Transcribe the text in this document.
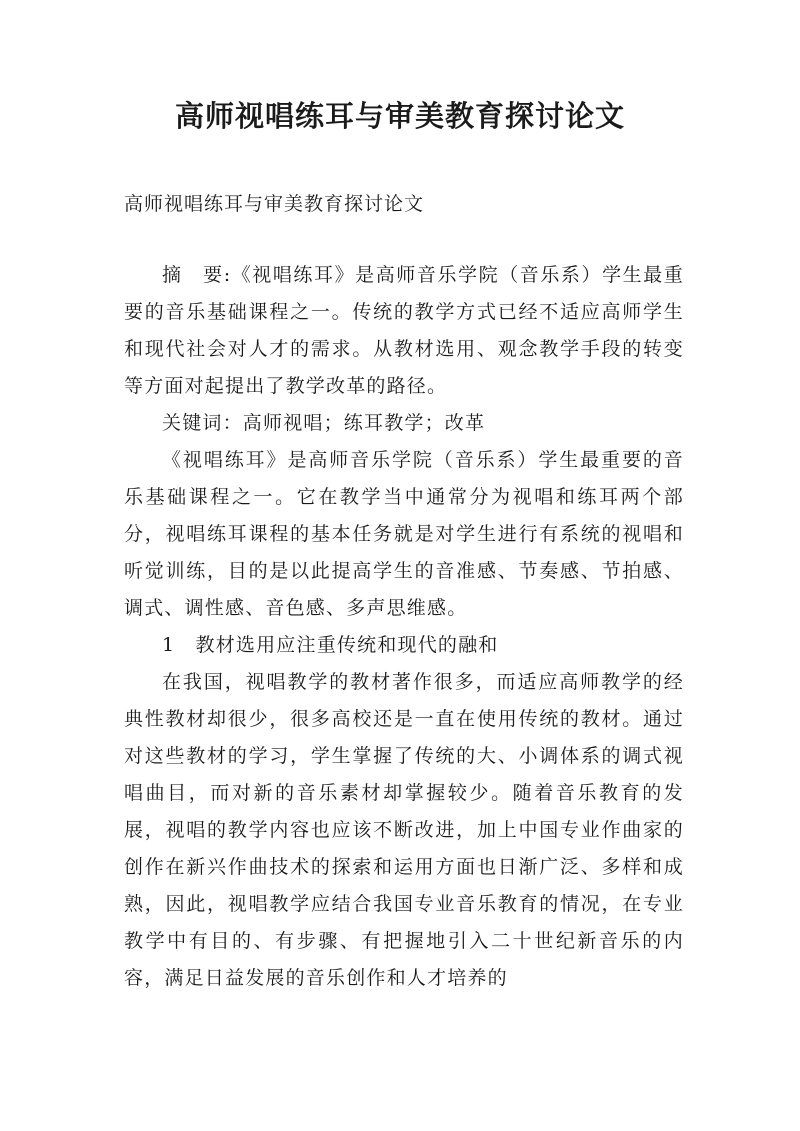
高师视唱练耳与审美教育探讨论文
高师视唱练耳与审美教育探讨论文

摘　要:《视唱练耳》是高师音乐学院（音乐系）学生最重要的音乐基础课程之一。传统的教学方式已经不适应高师学生和现代社会对人才的需求。从教材选用、观念教学手段的转变等方面对起提出了教学改革的路径。

关键词：高师视唱；练耳教学；改革

《视唱练耳》是高师音乐学院（音乐系）学生最重要的音乐基础课程之一。它在教学当中通常分为视唱和练耳两个部分，视唱练耳课程的基本任务就是对学生进行有系统的视唱和听觉训练，目的是以此提高学生的音准感、节奏感、节拍感、调式、调性感、音色感、多声思维感。

1　教材选用应注重传统和现代的融和

在我国，视唱教学的教材著作很多，而适应高师教学的经典性教材却很少，很多高校还是一直在使用传统的教材。通过对这些教材的学习，学生掌握了传统的大、小调体系的调式视唱曲目，而对新的音乐素材却掌握较少。随着音乐教育的发展，视唱的教学内容也应该不断改进，加上中国专业作曲家的创作在新兴作曲技术的探索和运用方面也日渐广泛、多样和成熟，因此，视唱教学应结合我国专业音乐教育的情况，在专业教学中有目的、有步骤、有把握地引入二十世纪新音乐的内容，满足日益发展的音乐创作和人才培养的
